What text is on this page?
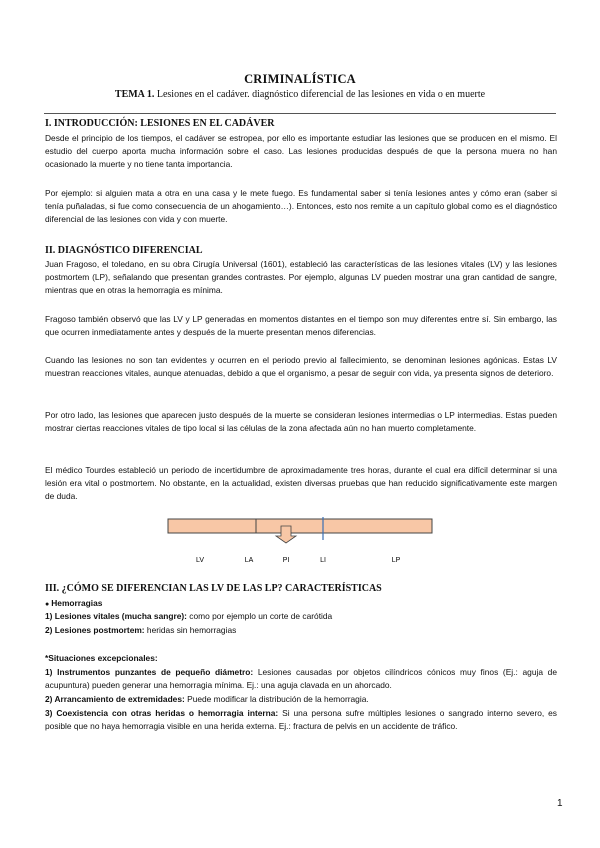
CRIMINALÍSTICA
TEMA 1. Lesiones en el cadáver. diagnóstico diferencial de las lesiones en vida o en muerte
I. INTRODUCCIÓN: LESIONES EN EL CADÁVER

Desde el principio de los tiempos, el cadáver se estropea, por ello es importante estudiar las lesiones que se producen en el mismo. El estudio del cuerpo aporta mucha información sobre el caso. Las lesiones producidas después de que la persona muera no han ocasionado la muerte y no tiene tanta importancia.

Por ejemplo: si alguien mata a otra en una casa y le mete fuego. Es fundamental saber si tenía lesiones antes y cómo eran (saber si tenía puñaladas, si fue como consecuencia de un ahogamiento…). Entonces, esto nos remite a un capítulo global como es el diagnóstico diferencial de las lesiones con vida y con muerte.

II. DIAGNÓSTICO DIFERENCIAL

Juan Fragoso, el toledano, en su obra Cirugía Universal (1601), estableció las características de las lesiones vitales (LV) y las lesiones postmortem (LP), señalando que presentan grandes contrastes. Por ejemplo, algunas LV pueden mostrar una gran cantidad de sangre, mientras que en otras la hemorragia es mínima.

Fragoso también observó que las LV y LP generadas en momentos distantes en el tiempo son muy diferentes entre sí. Sin embargo, las que ocurren inmediatamente antes y después de la muerte presentan menos diferencias.

Cuando las lesiones no son tan evidentes y ocurren en el periodo previo al fallecimiento, se denominan lesiones agónicas. Estas LV muestran reacciones vitales, aunque atenuadas, debido a que el organismo, a pesar de seguir con vida, ya presenta signos de deterioro.

Por otro lado, las lesiones que aparecen justo después de la muerte se consideran lesiones intermedias o LP intermedias. Estas pueden mostrar ciertas reacciones vitales de tipo local si las células de la zona afectada aún no han muerto completamente.

El médico Tourdes estableció un periodo de incertidumbre de aproximadamente tres horas, durante el cual era difícil determinar si una lesión era vital o postmortem. No obstante, en la actualidad, existen diversas pruebas que han reducido significativamente este margen de duda.

LV	LA	PI	LI	LP
III. ¿CÓMO SE DIFERENCIAN LAS LV DE LAS LP? CARACTERÍSTICAS
● Hemorragias
1) Lesiones vitales (mucha sangre): como por ejemplo un corte de carótida
2) Lesiones postmortem: heridas sin hemorragias
*Situaciones excepcionales:

1) Instrumentos punzantes de pequeño diámetro: Lesiones causadas por objetos cilíndricos cónicos muy finos (Ej.: aguja de acupuntura) pueden generar una hemorragia mínima. Ej.: una aguja clavada en un ahorcado.

2) Arrancamiento de extremidades: Puede modificar la distribución de la hemorragia.

3) Coexistencia con otras heridas o hemorragia interna: Si una persona sufre múltiples lesiones o sangrado interno severo, es posible que no haya hemorragia visible en una herida externa. Ej.: fractura de pelvis en un accidente de tráfico.

1
